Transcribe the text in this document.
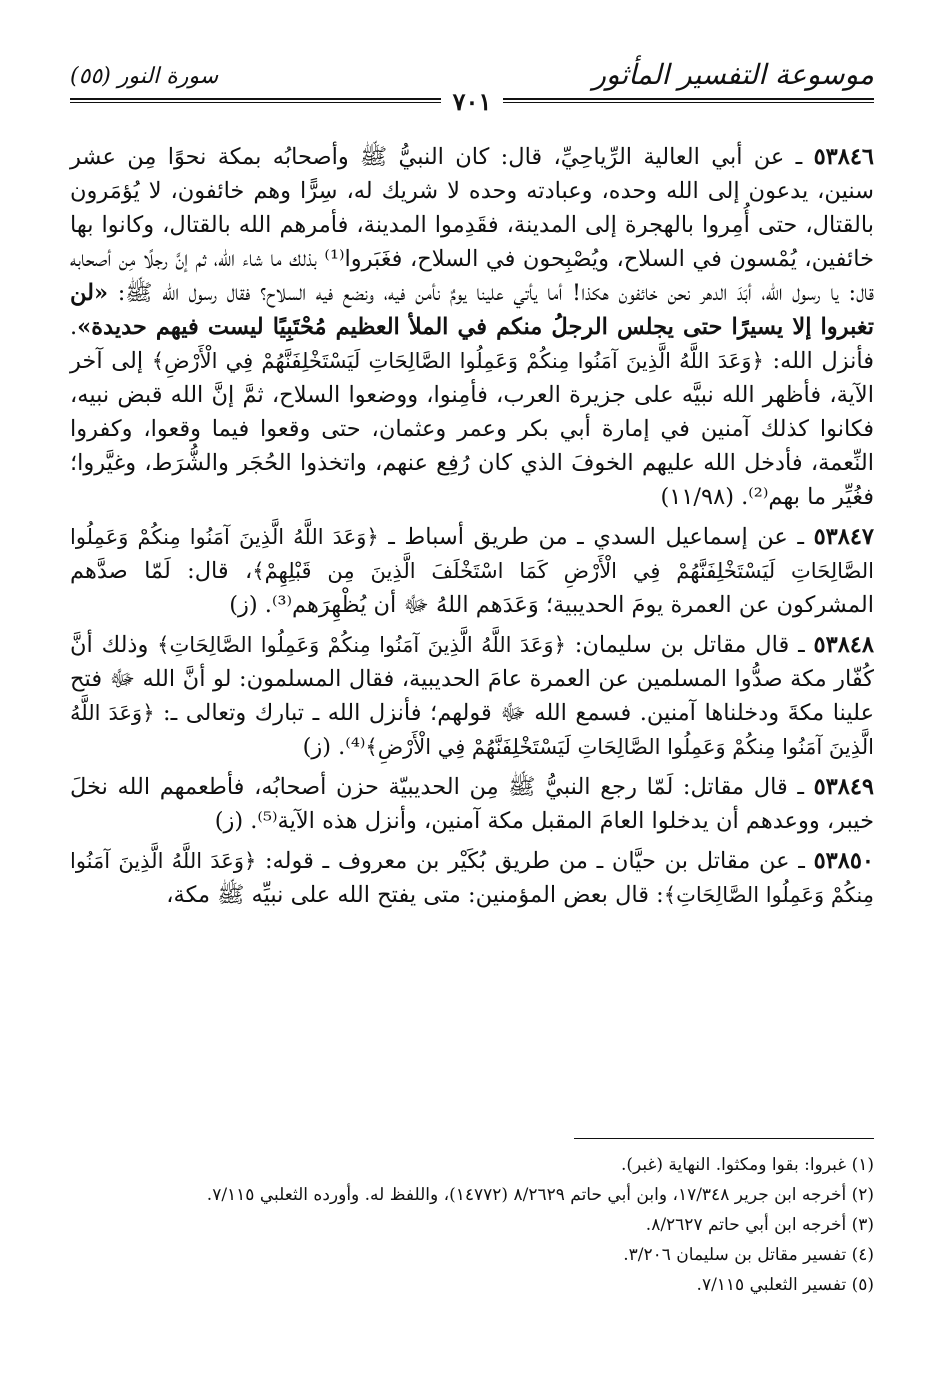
موسوعة التفسير المأثور
سورة النور (٥٥)
٧٠١

٥٣٨٤٦ ـ عن أبي العالية الرِّياحِيِّ، قال: كان النبيُّ ﷺ وأصحابُه بمكة نحوًا مِن عشر سنين، يدعون إلى الله وحده، وعبادته وحده لا شريك له، سِرًّا وهم خائفون، لا يُؤمَرون بالقتال، حتى أُمِروا بالهجرة إلى المدينة، فقَدِموا المدينة، فأمرهم الله بالقتال، وكانوا بها خائفين، يُمْسون في السلاح، ويُصْبِحون في السلاح، فغَبَروا⁽¹⁾ بذلك ما شاء الله، ثم إنَّ رجلًا مِن أصحابه قال: يا رسول الله، أبَدَ الدهر نحن خائفون هكذا! أما يأتي علينا يومٌ نأمن فيه، ونضع فيه السلاح؟ فقال رسول الله ﷺ: «لن تغبروا إلا يسيرًا حتى يجلس الرجلُ منكم في الملأ العظيم مُحْتَبِيًا ليست فيهم حديدة». فأنزل الله: ﴿وَعَدَ اللَّهُ الَّذِينَ آمَنُوا مِنكُمْ وَعَمِلُوا الصَّالِحَاتِ لَيَسْتَخْلِفَنَّهُمْ فِي الْأَرْضِ﴾ إلى آخر الآية، فأظهر الله نبيَّه على جزيرة العرب، فأمِنوا، ووضعوا السلاح، ثمَّ إنَّ الله قبض نبيه، فكانوا كذلك آمنين في إمارة أبي بكر وعمر وعثمان، حتى وقعوا فيما وقعوا، وكفروا النِّعمة، فأدخل الله عليهم الخوفَ الذي كان رُفِع عنهم، واتخذوا الحُجَر والشُّرَط، وغيَّروا؛ فغُيِّر ما بهم⁽²⁾. (١١/٩٨)

٥٣٨٤٧ ـ عن إسماعيل السدي ـ من طريق أسباط ـ ﴿وَعَدَ اللَّهُ الَّذِينَ آمَنُوا مِنكُمْ وَعَمِلُوا الصَّالِحَاتِ لَيَسْتَخْلِفَنَّهُمْ فِي الْأَرْضِ كَمَا اسْتَخْلَفَ الَّذِينَ مِن قَبْلِهِمْ﴾، قال: لَمّا صدَّهم المشركون عن العمرة يومَ الحديبية؛ وَعَدَهم اللهُ ﷻ أن يُظْهِرَهم⁽³⁾. (ز)

٥٣٨٤٨ ـ قال مقاتل بن سليمان: ﴿وَعَدَ اللَّهُ الَّذِينَ آمَنُوا مِنكُمْ وَعَمِلُوا الصَّالِحَاتِ﴾ وذلك أنَّ كُفّار مكة صدُّوا المسلمين عن العمرة عامَ الحديبية، فقال المسلمون: لو أنَّ الله ﷻ فتح علينا مكةَ ودخلناها آمنين. فسمع الله ﷻ قولهم؛ فأنزل الله ـ تبارك وتعالى ـ: ﴿وَعَدَ اللَّهُ الَّذِينَ آمَنُوا مِنكُمْ وَعَمِلُوا الصَّالِحَاتِ لَيَسْتَخْلِفَنَّهُمْ فِي الْأَرْضِ﴾⁽⁴⁾. (ز)

٥٣٨٤٩ ـ قال مقاتل: لَمّا رجع النبيُّ ﷺ مِن الحديبيّة حزن أصحابُه، فأطعمهم الله نخلَ خيبر، ووعدهم أن يدخلوا العامَ المقبل مكة آمنين، وأنزل هذه الآية⁽⁵⁾. (ز)

٥٣٨٥٠ ـ عن مقاتل بن حيَّان ـ من طريق بُكَيْر بن معروف ـ قوله: ﴿وَعَدَ اللَّهُ الَّذِينَ آمَنُوا مِنكُمْ وَعَمِلُوا الصَّالِحَاتِ﴾: قال بعض المؤمنين: متى يفتح الله على نبيِّه ﷺ مكة،

(١) غبروا: بقوا ومكثوا. النهاية (غبر).
(٢) أخرجه ابن جرير ١٧/٣٤٨، وابن أبي حاتم ٨/٢٦٢٩ (١٤٧٧٢)، واللفظ له. وأورده الثعلبي ٧/١١٥.
(٣) أخرجه ابن أبي حاتم ٨/٢٦٢٧.
(٤) تفسير مقاتل بن سليمان ٣/٢٠٦.
(٥) تفسير الثعلبي ٧/١١٥.
